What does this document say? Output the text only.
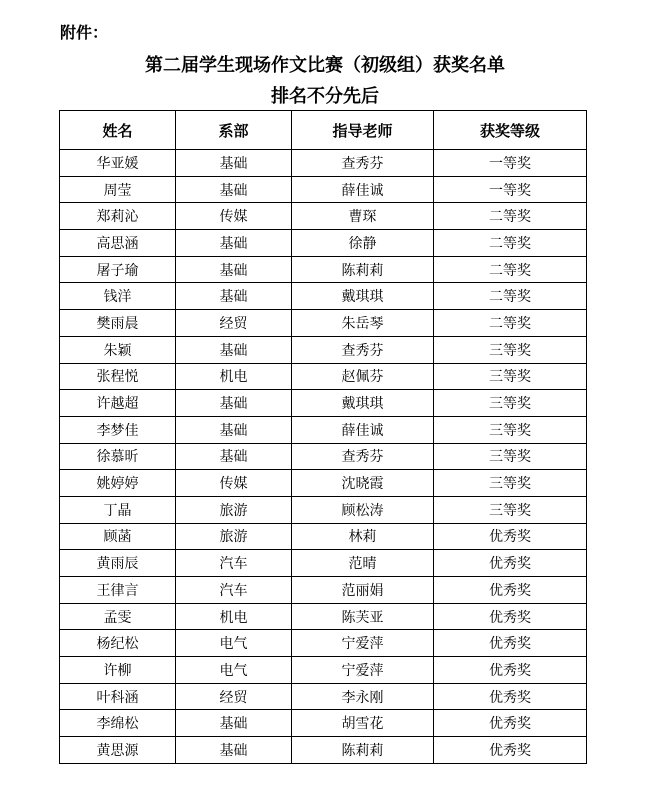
附件：
第二届学生现场作文比赛（初级组）获奖名单
排名不分先后
姓名	系部	指导老师	获奖等级
华亚媛	基础	查秀芬	一等奖
周莹	基础	薛佳诚	一等奖
郑莉沁	传媒	曹琛	二等奖
高思涵	基础	徐静	二等奖
屠子瑜	基础	陈莉莉	二等奖
钱洋	基础	戴琪琪	二等奖
樊雨晨	经贸	朱岳琴	二等奖
朱颖	基础	查秀芬	三等奖
张程悦	机电	赵佩芬	三等奖
许越超	基础	戴琪琪	三等奖
李梦佳	基础	薛佳诚	三等奖
徐慕昕	基础	查秀芬	三等奖
姚婷婷	传媒	沈晓霞	三等奖
丁晶	旅游	顾松涛	三等奖
顾菡	旅游	林莉	优秀奖
黄雨辰	汽车	范晴	优秀奖
王律言	汽车	范丽娟	优秀奖
孟雯	机电	陈芙亚	优秀奖
杨纪松	电气	宁爱萍	优秀奖
许柳	电气	宁爱萍	优秀奖
叶科涵	经贸	李永刚	优秀奖
李绵松	基础	胡雪花	优秀奖
黄思源	基础	陈莉莉	优秀奖
